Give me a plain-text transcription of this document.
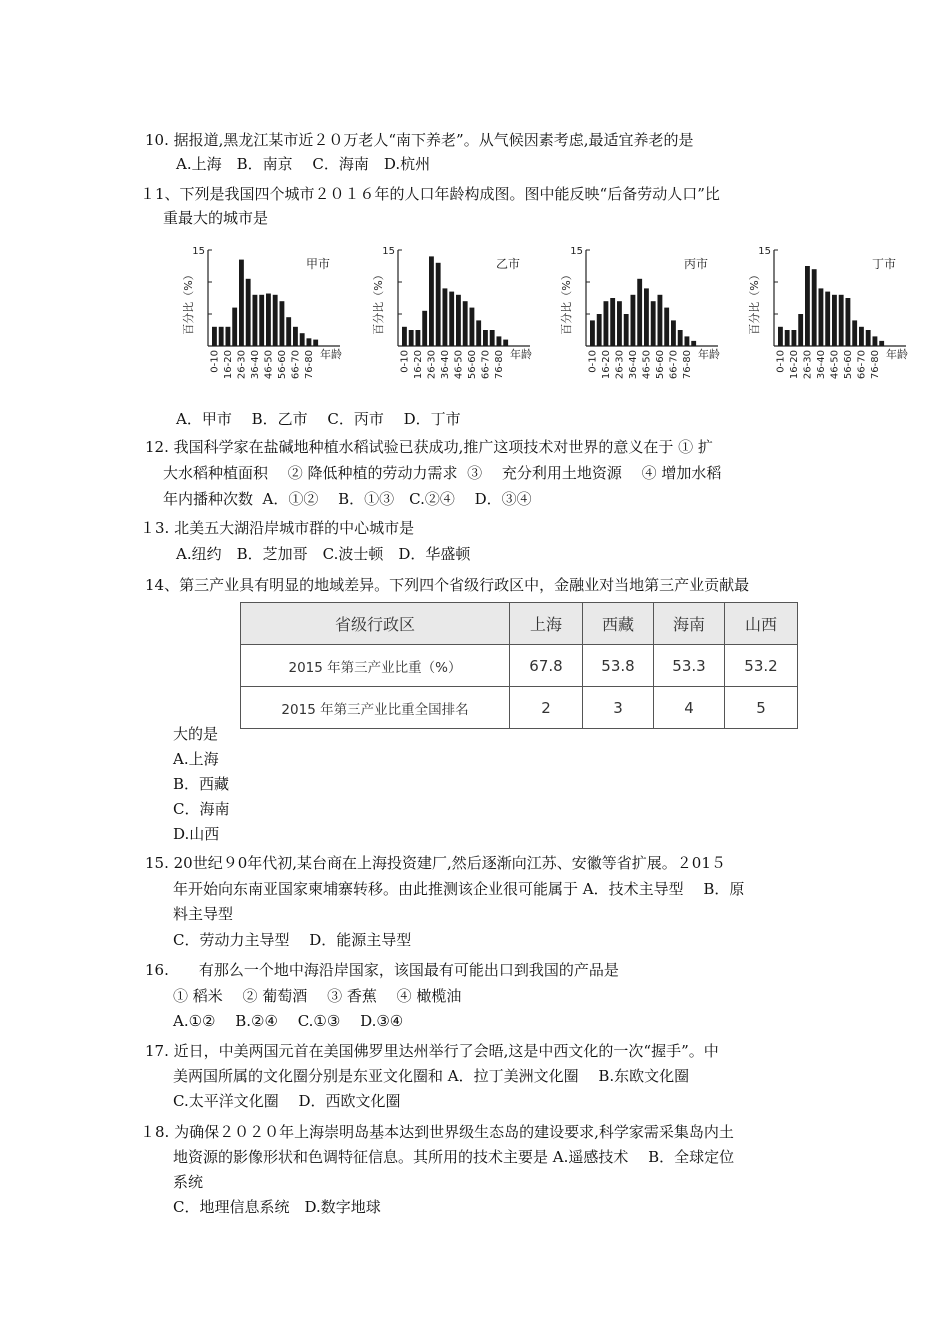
10. 据报道,黑龙江某市近２０万老人“南下养老”。从气候因素考虑,最适宜养老的是
A.上海　B．南京　 C．海南　D.杭州
１1、下列是我国四个城市２０１６年的人口年龄构成图。图中能反映“后备劳动人口”比
重最大的城市是
15
百分比（%）
0-10 16-20 26-30 36-40 46-50 56-60 66-70 76-80 年龄
甲市
15
百分比（%）
0-10 16-20 26-30 36-40 46-50 56-60 66-70 76-80 年龄
乙市
15
百分比（%）
0-10 16-20 26-30 36-40 46-50 56-60 66-70 76-80 年龄
丙市
15
百分比（%）
0-10 16-20 26-30 36-40 46-50 56-60 66-70 76-80 年龄
丁市
A．甲市　 B．乙市　 C．丙市　 D．丁市
12. 我国科学家在盐碱地种植水稻试验已获成功,推广这项技术对世界的意义在于 ﻿① 扩
大水稻种植面积　 ② 降低种植的劳动力需求 ﻿ ③　 充分利用土地资源　 ④ 增加水稻
年内播种次数 ﻿ A．①②　 B．①③　C.②④　 D．③④
１3. 北美五大湖沿岸城市群的中心城市是
A.纽约　B．芝加哥　C.波士顿　D．华盛顿
14、第三产业具有明显的地域差异。下列四个省级行政区中，金融业对当地第三产业贡献最
省级行政区	上海	西藏	海南	山西
2015 年第三产业比重（%）	67.8	53.8	53.3	53.2
2015 年第三产业比重全国排名	2	3	4	5
大的是
A.上海
B．西藏
C．海南
D.山西
15. 20世纪９0年代初,某台商在上海投资建厂,然后逐渐向江苏、安徽等省扩展。２01５
年开始向东南亚国家柬埔寨转移。由此推测该企业很可能属于 ﻿A．技术主导型　 B．原
料主导型
C．劳动力主导型　 D．能源主导型
16.　　有那么一个地中海沿岸国家，该国最有可能出口到我国的产品是
① 稻米　 ② 葡萄酒　 ③ 香蕉　 ④ 橄榄油
A.①②　 B.②④　 C.①③　 D.③④
17. 近日，中美两国元首在美国佛罗里达州举行了会晤,这是中西文化的一次“握手”。中
美两国所属的文化圈分别是东亚文化圈和 ﻿A．拉丁美洲文化圈　 B.东欧文化圈
C.太平洋文化圈　 D．西欧文化圈
１8. 为确保２０２０年上海崇明岛基本达到世界级生态岛的建设要求,科学家需采集岛内土
地资源的影像形状和色调特征信息。其所用的技术主要是 ﻿A.遥感技术　 B．全球定位
系统
C．地理信息系统　D.数字地球
